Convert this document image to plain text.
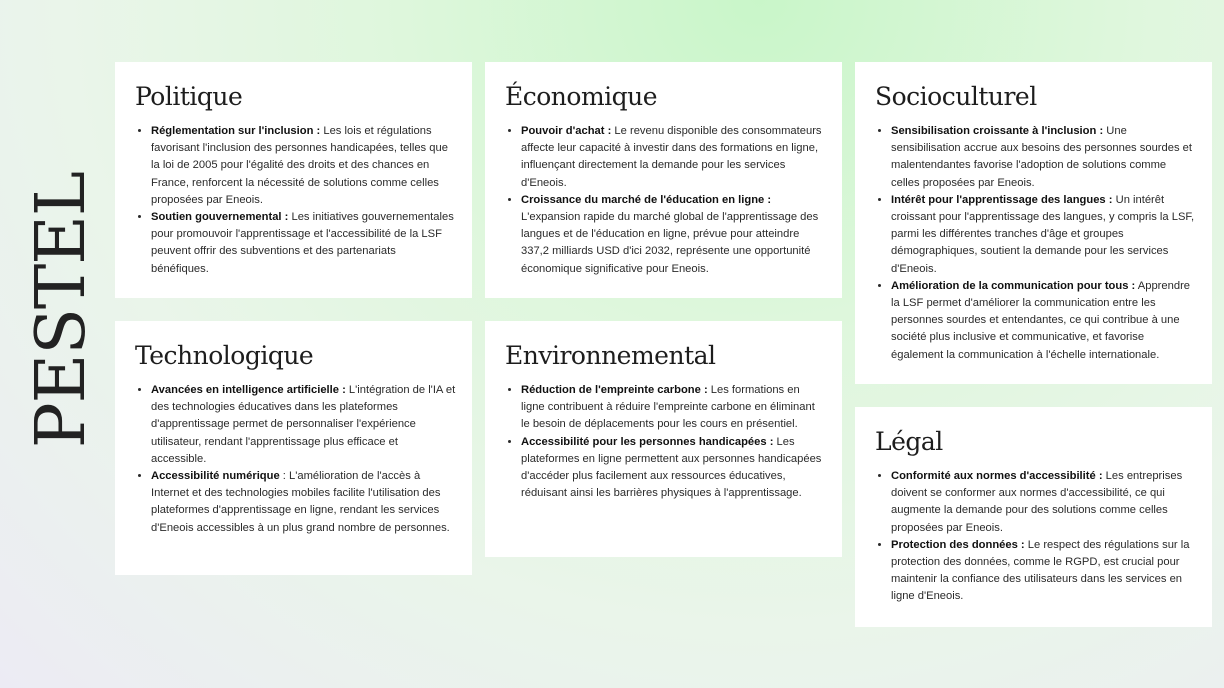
PESTEL
Politique
• Réglementation sur l'inclusion : Les lois et régulations favorisant l'inclusion des personnes handicapées, telles que la loi de 2005 pour l'égalité des droits et des chances en France, renforcent la nécessité de solutions comme celles proposées par Eneois.
• Soutien gouvernemental : Les initiatives gouvernementales pour promouvoir l'apprentissage et l'accessibilité de la LSF peuvent offrir des subventions et des partenariats bénéfiques.
Économique
• Pouvoir d'achat : Le revenu disponible des consommateurs affecte leur capacité à investir dans des formations en ligne, influençant directement la demande pour les services d'Eneois.
• Croissance du marché de l'éducation en ligne : L'expansion rapide du marché global de l'apprentissage des langues et de l'éducation en ligne, prévue pour atteindre 337,2 milliards USD d'ici 2032, représente une opportunité économique significative pour Eneois.
Socioculturel
• Sensibilisation croissante à l'inclusion : Une sensibilisation accrue aux besoins des personnes sourdes et malentendantes favorise l'adoption de solutions comme celles proposées par Eneois.
• Intérêt pour l'apprentissage des langues : Un intérêt croissant pour l'apprentissage des langues, y compris la LSF, parmi les différentes tranches d'âge et groupes démographiques, soutient la demande pour les services d'Eneois.
• Amélioration de la communication pour tous : Apprendre la LSF permet d'améliorer la communication entre les personnes sourdes et entendantes, ce qui contribue à une société plus inclusive et communicative, et favorise également la communication à l'échelle internationale.
Technologique
• Avancées en intelligence artificielle : L'intégration de l'IA et des technologies éducatives dans les plateformes d'apprentissage permet de personnaliser l'expérience utilisateur, rendant l'apprentissage plus efficace et accessible.
• Accessibilité numérique : L'amélioration de l'accès à Internet et des technologies mobiles facilite l'utilisation des plateformes d'apprentissage en ligne, rendant les services d'Eneois accessibles à un plus grand nombre de personnes.
Environnemental
• Réduction de l'empreinte carbone : Les formations en ligne contribuent à réduire l'empreinte carbone en éliminant le besoin de déplacements pour les cours en présentiel.
• Accessibilité pour les personnes handicapées : Les plateformes en ligne permettent aux personnes handicapées d'accéder plus facilement aux ressources éducatives, réduisant ainsi les barrières physiques à l'apprentissage.
Légal
• Conformité aux normes d'accessibilité : Les entreprises doivent se conformer aux normes d'accessibilité, ce qui augmente la demande pour des solutions comme celles proposées par Eneois.
• Protection des données : Le respect des régulations sur la protection des données, comme le RGPD, est crucial pour maintenir la confiance des utilisateurs dans les services en ligne d'Eneois.
